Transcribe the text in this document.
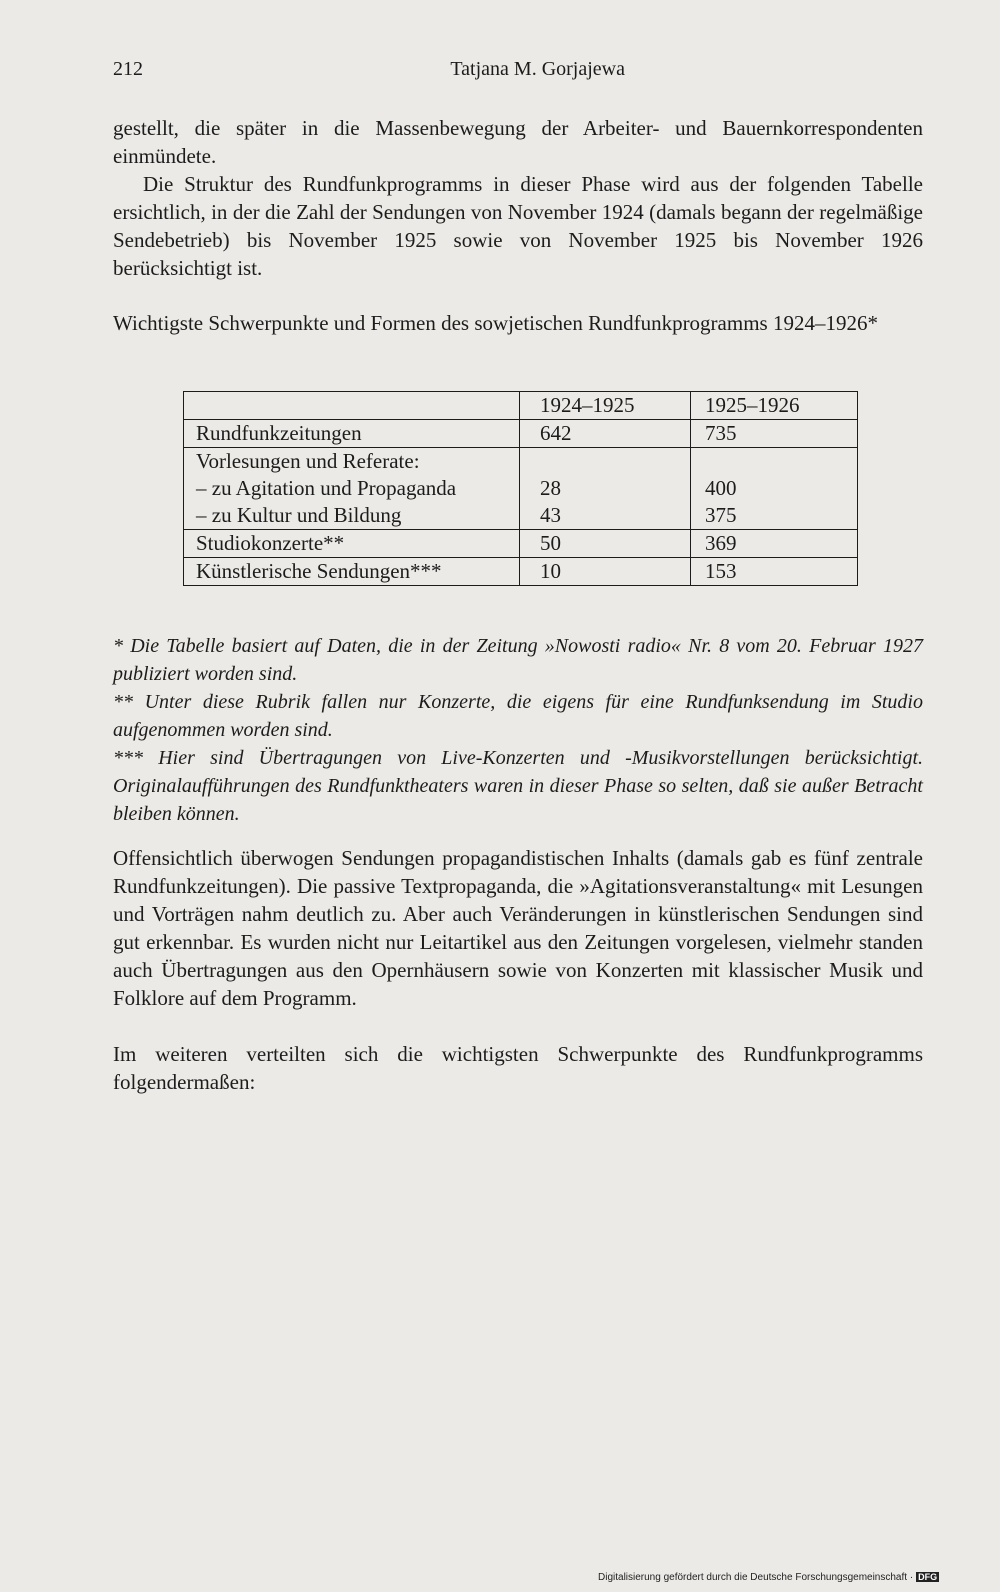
212	Tatjana M. Gorjajewa

gestellt, die später in die Massenbewegung der Arbeiter- und Bauernkorrespondenten einmündete.

Die Struktur des Rundfunkprogramms in dieser Phase wird aus der folgenden Tabelle ersichtlich, in der die Zahl der Sendungen von November 1924 (damals begann der regelmäßige Sendebetrieb) bis November 1925 sowie von November 1925 bis November 1926 berücksichtigt ist.

Wichtigste Schwerpunkte und Formen des sowjetischen Rundfunkprogramms 1924–1926*
	1924–1925	1925–1926
Rundfunkzeitungen	642	735
Vorlesungen und Referate:		
– zu Agitation und Propaganda	28	400
– zu Kultur und Bildung	43	375
Studiokonzerte**	50	369
Künstlerische Sendungen***	10	153

* Die Tabelle basiert auf Daten, die in der Zeitung »Nowosti radio« Nr. 8 vom 20. Februar 1927 publiziert worden sind.

** Unter diese Rubrik fallen nur Konzerte, die eigens für eine Rundfunksendung im Studio aufgenommen worden sind.

*** Hier sind Übertragungen von Live-Konzerten und -Musikvorstellungen berücksichtigt. Originalaufführungen des Rundfunktheaters waren in dieser Phase so selten, daß sie außer Betracht bleiben können.

Offensichtlich überwogen Sendungen propagandistischen Inhalts (damals gab es fünf zentrale Rundfunkzeitungen). Die passive Textpropaganda, die »Agitationsveranstaltung« mit Lesungen und Vorträgen nahm deutlich zu. Aber auch Veränderungen in künstlerischen Sendungen sind gut erkennbar. Es wurden nicht nur Leitartikel aus den Zeitungen vorgelesen, vielmehr standen auch Übertragungen aus den Opernhäusern sowie von Konzerten mit klassischer Musik und Folklore auf dem Programm.
Im weiteren verteilten sich die wichtigsten Schwerpunkte des Rundfunkprogramms folgendermaßen:
Digitalisierung gefördert durch die Deutsche Forschungsgemeinschaft · DFG
